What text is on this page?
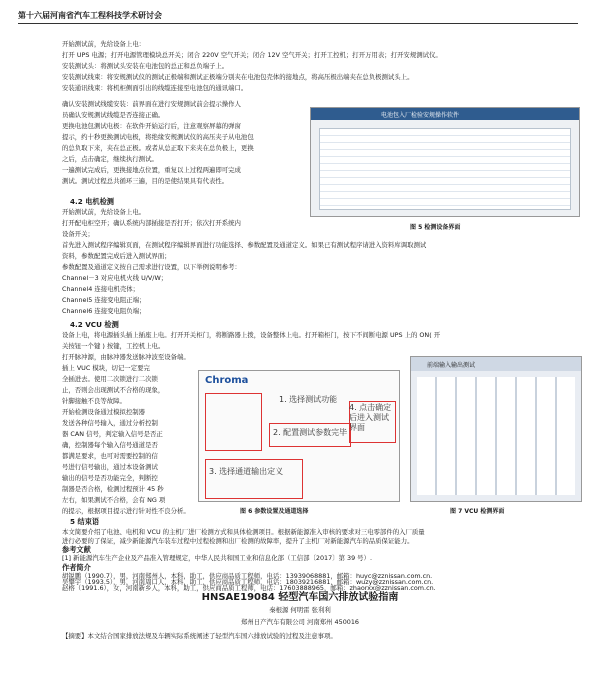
第十六届河南省汽车工程科技学术研讨会
开始测试前，先给设备上电：
打开 UPS 电源；打开电源管理模块总开关；闭合 220V 空气开关；闭合 12V 空气开关；打开工控机；打开万用表；打开安规测试仪。
安装测试头：将测试头安装在电池包的总正和总负端子上。
安装测试线束：将安规测试仪的测试正极端和测试正极端分别夹在电池包壳体的接地点，将高压极出端夹在总负极测试头上。
安装通讯线束：将机柜侧面引出的线缆连接至电池包的通讯端口。
电池包入厂检验安规操作软件
图 5 检测设备界面
确认安装测试线缆安装：前界面在进行安规测试前会提示操作人
员确认安规测试线缆是否连接正确。
更换电池包测试电极：在软件开始运行后，注意观察屏幕的弹窗
提示，约十秒更换测试电极，将绝缘安规测试仪的高压夹子从电池包
的总负取下来，夹在总正极。或者从总正取下来夹在总负极上，更换
之后，点击确定，继续执行测试。
一遍测试完成后，更换接地点位置，重复以上过程两遍即可完成
测试。测试过程总共循环三遍，目的是使结果具有代表性。
4.2 电机检测
开始测试前，先给设备上电。
打开配电柜空开；确认系统内部插接是否打开；依次打开系统内
设备开关；
首先进入测试程序编辑页面，在测试程序编辑界面进行功能选择、参数配置及通道定义。如果已有测试程序请进入资料库调取测试
资料，参数配置完成后进入测试界面；
参数配置及通道定义按自己需求进行设置，以下举例说明参考：
Channel－3 对应电机火线 U/V/W；
Channel4 连接电机壳体；
Channel5 连接变电阻正端；
Channel6 连接变电阻负端；
4.2 VCU 检测
设备上电，将电源插头插上插座上电。打开开关柜门，将断路器上拨，设备整体上电。打开箱柜门，按下不间断电源 UPS 上的 ON( 开
关按钮一个键 ) 按键，工控机上电。
打开脉冲源，由脉冲器发送脉冲波至设备端。
插上 VUC 模块，切记一定要完
全插进去。使用二次锁进行二次锁
止，否则会出现测试不合格的现象，
针脚接触不良等故障。
开始检测设备通过模拟控制器
发送各种信号输入，通过分析控制
器 CAN 信号，判定输入信号是否正
确，控制器每个输入信号通道是否
都满足要求，也可对需要控制的信
号进行信号输出，通过本设备测试
输出的信号是否功能完全，判断控
制器是否合格，检测过程预计 45 秒
左右，如果测试不合格，会有 NG 项
的提示，根据项目提示进行针对性不良分析。
Chroma
1. 选择测试功能
2. 配置测试参数完毕
3. 选择通道输出定义
4. 点击确定后进入测试界面
图 6 参数设置及通道选择
前端输入输出测试
图 7 VCU 检测界面
5 结束语
本文简要介绍了电池、电机和 VCU 的主机厂进厂检测方式和具体检测项目。根据新能源准入审核的要求对三电零部件的入厂质量
进行必要的了保证，减少新能源汽车装车过程中过程检测和出厂检测的故障率，提升了主机厂对新能源汽车的品质保证能力。
参考文献
[1] 新能源汽车生产企业及产品准入管理规定，中华人民共和国工业和信息化部（工信部〔2017〕第 39 号）.
作者简介
胡锐鹏（1990.7），男，河南郑州人，本科，助工，供应商品质工程师，电话：13939068881，邮箱：huyc@zznissan.com.cn.
吴攀宇（1993.5），男，河南周口人，本科，助工，供应商品质工程师，电话：18039216881，邮箱：wuzy@zznissan.com.cn.
赵榕（1991.6），女，河南新乡人，本科，助工，供应商品质工程师，电话：17603888965，邮箱：zhaorxx@zznissan.com.cn.
HNSAE19084 轻型汽车国六排放试验指南
秦根源 何明雷 张利利
郑州日产汽车有限公司 河南郑州 450016
【摘要】本文结合国家排放法规及车辆实际系统阐述了轻型汽车国六排放试验的过程及注意事项。
